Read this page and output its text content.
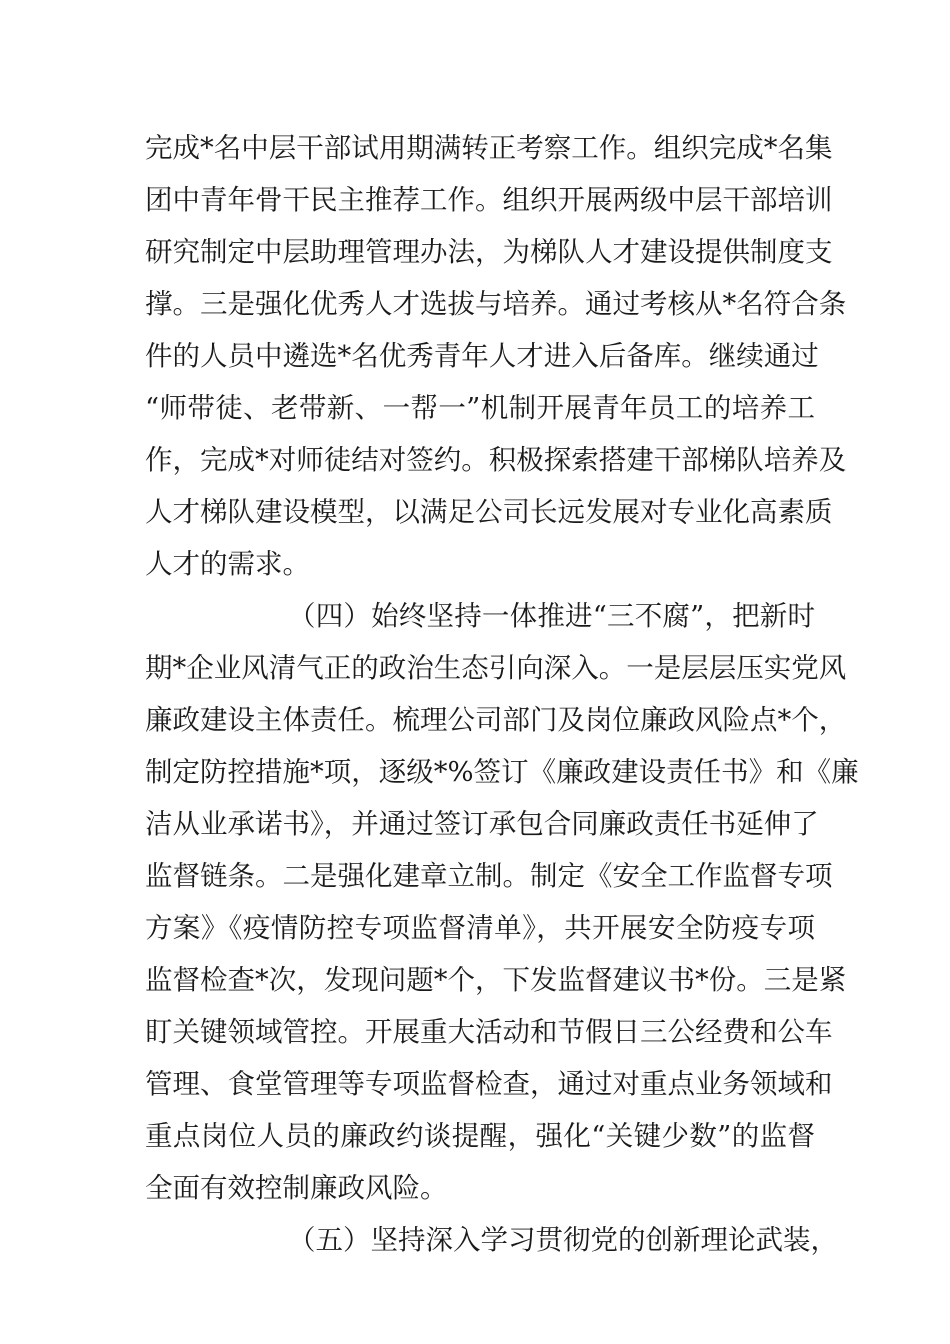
完成*名中层干部试用期满转正考察工作。组织完成*名集
团中青年骨干民主推荐工作。组织开展两级中层干部培训
研究制定中层助理管理办法，为梯队人才建设提供制度支
撑。三是强化优秀人才选拔与培养。通过考核从*名符合条
件的人员中遴选*名优秀青年人才进入后备库。继续通过
“师带徒、老带新、一帮一”机制开展青年员工的培养工
作，完成*对师徒结对签约。积极探索搭建干部梯队培养及
人才梯队建设模型，以满足公司长远发展对专业化高素质
人才的需求。
（四）始终坚持一体推进“三不腐”，把新时
期*企业风清气正的政治生态引向深入。一是层层压实党风
廉政建设主体责任。梳理公司部门及岗位廉政风险点*个，
制定防控措施*项，逐级*%签订《廉政建设责任书》和《廉
洁从业承诺书》，并通过签订承包合同廉政责任书延伸了
监督链条。二是强化建章立制。制定《安全工作监督专项
方案》《疫情防控专项监督清单》，共开展安全防疫专项
监督检查*次，发现问题*个，下发监督建议书*份。三是紧
盯关键领域管控。开展重大活动和节假日三公经费和公车
管理、食堂管理等专项监督检查，通过对重点业务领域和
重点岗位人员的廉政约谈提醒，强化“关键少数”的监督
全面有效控制廉政风险。
（五）坚持深入学习贯彻党的创新理论武装，
